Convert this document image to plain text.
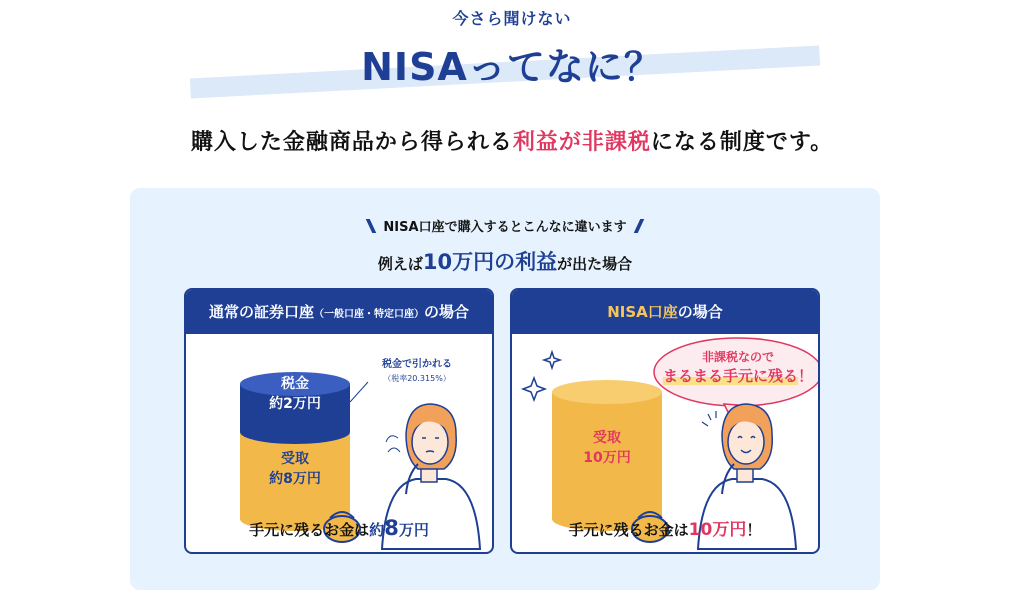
今さら聞けない
NISAってなに？
購入した金融商品から得られる利益が非課税になる制度です。
NISA口座で購入するとこんなに違います
例えば10万円の利益が出た場合
通常の証券口座（一般口座・特定口座）の場合
税金
約2万円
受取
約8万円
税金で引かれる
（税率20.315%）
手元に残るお金は約8万円
NISA口座の場合
受取
10万円
非課税なので
まるまる手元に残る！
手元に残るお金は10万円！
